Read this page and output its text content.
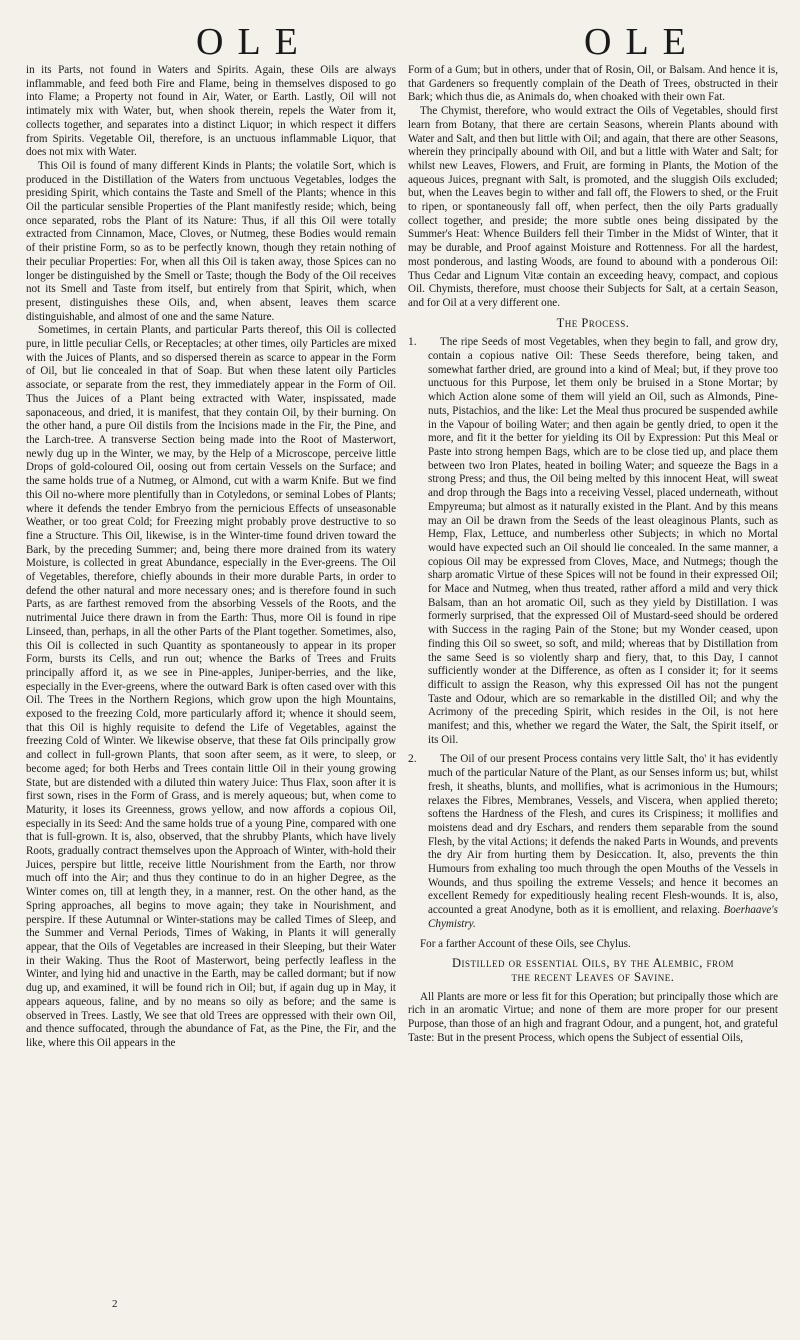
OLE	OLE

in its Parts, not found in Waters and Spirits. Again, these Oils are always inflammable, and feed both Fire and Flame, being in themselves disposed to go into Flame; a Property not found in Air, Water, or Earth. Lastly, Oil will not intimately mix with Water, but, when shook therein, repels the Water from it, collects together, and separates into a distinct Liquor; in which respect it differs from Spirits. Vegetable Oil, therefore, is an unctuous inflammable Liquor, that does not mix with Water.

This Oil is found of many different Kinds in Plants; the volatile Sort, which is produced in the Distillation of the Waters from unctuous Vegetables, lodges the presiding Spirit, which contains the Taste and Smell of the Plants; whence in this Oil the particular sensible Properties of the Plant manifestly reside; which, being once separated, robs the Plant of its Nature: Thus, if all this Oil were totally extracted from Cinnamon, Mace, Cloves, or Nutmeg, these Bodies would remain of their pristine Form, so as to be perfectly known, though they retain nothing of their peculiar Properties: For, when all this Oil is taken away, those Spices can no longer be distinguished by the Smell or Taste; though the Body of the Oil receives not its Smell and Taste from itself, but entirely from that Spirit, which, when present, distinguishes these Oils, and, when absent, leaves them scarce distinguishable, and almost of one and the same Nature.

Sometimes, in certain Plants, and particular Parts thereof, this Oil is collected pure, in little peculiar Cells, or Receptacles; at other times, oily Particles are mixed with the Juices of Plants, and so dispersed therein as scarce to appear in the Form of Oil, but lie concealed in that of Soap. But when these latent oily Particles associate, or separate from the rest, they immediately appear in the Form of Oil. Thus the Juices of a Plant being extracted with Water, inspissated, made saponaceous, and dried, it is manifest, that they contain Oil, by their burning. On the other hand, a pure Oil distils from the Incisions made in the Fir, the Pine, and the Larch-tree. A transverse Section being made into the Root of Masterwort, newly dug up in the Winter, we may, by the Help of a Microscope, perceive little Drops of gold-coloured Oil, oosing out from certain Vessels on the Surface; and the same holds true of a Nutmeg, or Almond, cut with a warm Knife. But we find this Oil no-where more plentifully than in Cotyledons, or seminal Lobes of Plants; where it defends the tender Embryo from the pernicious Effects of unseasonable Weather, or too great Cold; for Freezing might probably prove destructive to so fine a Structure. This Oil, likewise, is in the Winter-time found driven toward the Bark, by the preceding Summer; and, being there more drained from its watery Moisture, is collected in great Abundance, especially in the Ever-greens. The Oil of Vegetables, therefore, chiefly abounds in their more durable Parts, in order to defend the other natural and more necessary ones; and is therefore found in such Parts, as are farthest removed from the absorbing Vessels of the Roots, and the nutrimental Juice there drawn in from the Earth: Thus, more Oil is found in ripe Linseed, than, perhaps, in all the other Parts of the Plant together. Sometimes, also, this Oil is collected in such Quantity as spontaneously to appear in its proper Form, bursts its Cells, and run out; whence the Barks of Trees and Fruits principally afford it, as we see in Pine-apples, Juniper-berries, and the like, especially in the Ever-greens, where the outward Bark is often cased over with this Oil. The Trees in the Northern Regions, which grow upon the high Mountains, exposed to the freezing Cold, more particularly afford it; whence it should seem, that this Oil is highly requisite to defend the Life of Vegetables, against the freezing Cold of Winter. We likewise observe, that these fat Oils principally grow and collect in full-grown Plants, that soon after seem, as it were, to sleep, or become aged; for both Herbs and Trees contain little Oil in their young growing State, but are distended with a diluted thin watery Juice: Thus Flax, soon after it is first sown, rises in the Form of Grass, and is merely aqueous; but, when come to Maturity, it loses its Greenness, grows yellow, and now affords a copious Oil, especially in its Seed: And the same holds true of a young Pine, compared with one that is full-grown. It is, also, observed, that the shrubby Plants, which have lively Roots, gradually contract themselves upon the Approach of Winter, with-hold their Juices, perspire but little, receive little Nourishment from the Earth, nor throw much off into the Air; and thus they continue to do in an higher Degree, as the Winter comes on, till at length they, in a manner, rest. On the other hand, as the Spring approaches, all begins to move again; they take in Nourishment, and perspire. If these Autumnal or Winter-stations may be called Times of Sleep, and the Summer and Vernal Periods, Times of Waking, in Plants it will generally appear, that the Oils of Vegetables are increased in their Sleeping, but their Water in their Waking. Thus the Root of Masterwort, being perfectly leafless in the Winter, and lying hid and unactive in the Earth, may be called dormant; but if now dug up, and examined, it will be found rich in Oil; but, if again dug up in May, it appears aqueous, faline, and by no means so oily as before; and the same is observed in Trees. Lastly, We see that old Trees are oppressed with their own Oil, and thence suffocated, through the abundance of Fat, as the Pine, the Fir, and the like, where this Oil appears in the

Form of a Gum; but in others, under that of Rosin, Oil, or Balsam. And hence it is, that Gardeners so frequently complain of the Death of Trees, obstructed in their Bark; which thus die, as Animals do, when choaked with their own Fat.

The Chymist, therefore, who would extract the Oils of Vegetables, should first learn from Botany, that there are certain Seasons, wherein Plants abound with Water and Salt, and then but little with Oil; and again, that there are other Seasons, wherein they principally abound with Oil, and but a little with Water and Salt; for whilst new Leaves, Flowers, and Fruit, are forming in Plants, the Motion of the aqueous Juices, pregnant with Salt, is promoted, and the sluggish Oils excluded; but, when the Leaves begin to wither and fall off, the Flowers to shed, or the Fruit to ripen, or spontaneously fall off, when perfect, then the oily Parts gradually collect together, and preside; the more subtle ones being dissipated by the Summer's Heat: Whence Builders fell their Timber in the Midst of Winter, that it may be durable, and Proof against Moisture and Rottenness. For all the hardest, most ponderous, and lasting Woods, are found to abound with a ponderous Oil: Thus Cedar and Lignum Vitæ contain an exceeding heavy, compact, and copious Oil. Chymists, therefore, must choose their Subjects for Salt, at a certain Season, and for Oil at a very different one.

The Process.
1.	The ripe Seeds of most Vegetables, when they begin to fall, and grow dry, contain a copious native Oil: These Seeds therefore, being taken, and somewhat farther dried, are ground into a kind of Meal; but, if they prove too unctuous for this Purpose, let them only be bruised in a Stone Mortar; by which Action alone some of them will yield an Oil, such as Almonds, Pine-nuts, Pistachios, and the like: Let the Meal thus procured be suspended awhile in the Vapour of boiling Water; and then again be gently dried, to open it the more, and fit it the better for yielding its Oil by Expression: Put this Meal or Paste into strong hempen Bags, which are to be close tied up, and place them between two Iron Plates, heated in boiling Water; and squeeze the Bags in a strong Press; and thus, the Oil being melted by this innocent Heat, will sweat and drop through the Bags into a receiving Vessel, placed underneath, without Empyreuma; but almost as it naturally existed in the Plant. And by this means may an Oil be drawn from the Seeds of the least oleaginous Plants, such as Hemp, Flax, Lettuce, and numberless other Subjects; in which no Mortal would have expected such an Oil should lie concealed. In the same manner, a copious Oil may be expressed from Cloves, Mace, and Nutmegs; though the sharp aromatic Virtue of these Spices will not be found in their expressed Oil; for Mace and Nutmeg, when thus treated, rather afford a mild and very thick Balsam, than an hot aromatic Oil, such as they yield by Distillation. I was formerly surprised, that the expressed Oil of Mustard-seed should be ordered with Success in the raging Pain of the Stone; but my Wonder ceased, upon finding this Oil so sweet, so soft, and mild; whereas that by Distillation from the same Seed is so violently sharp and fiery, that, to this Day, I cannot sufficiently wonder at the Difference, as often as I consider it; for it seems difficult to assign the Reason, why this expressed Oil has not the pungent Taste and Odour, which are so remarkable in the distilled Oil; and why the Acrimony of the preceding Spirit, which resides in the Oil, is not here manifest; and this, whether we regard the Water, the Salt, the Spirit itself, or its Oil.

2.	The Oil of our present Process contains very little Salt, tho' it has evidently much of the particular Nature of the Plant, as our Senses inform us; but, whilst fresh, it sheaths, blunts, and mollifies, what is acrimonious in the Humours; relaxes the Fibres, Membranes, Vessels, and Viscera, when applied thereto; softens the Hardness of the Flesh, and cures its Crispiness; it mollifies and moistens dead and dry Eschars, and renders them separable from the sound Flesh, by the vital Actions; it defends the naked Parts in Wounds, and prevents the dry Air from hurting them by Desiccation. It, also, prevents the thin Humours from exhaling too much through the open Mouths of the Vessels in Wounds, and thus spoiling the extreme Vessels; and hence it becomes an excellent Remedy for expeditiously healing recent Flesh-wounds. It is, also, accounted a great Anodyne, both as it is emollient, and relaxing. Boerhaave's Chymistry.

For a farther Account of these Oils, see Chylus.

Distilled or essential Oils, by the Alembic, from
the recent Leaves of Savine.

All Plants are more or less fit for this Operation; but principally those which are rich in an aromatic Virtue; and none of them are more proper for our present Purpose, than those of an high and fragrant Odour, and a pungent, hot, and grateful Taste: But in the present Process, which opens the Subject of essential Oils,

2
